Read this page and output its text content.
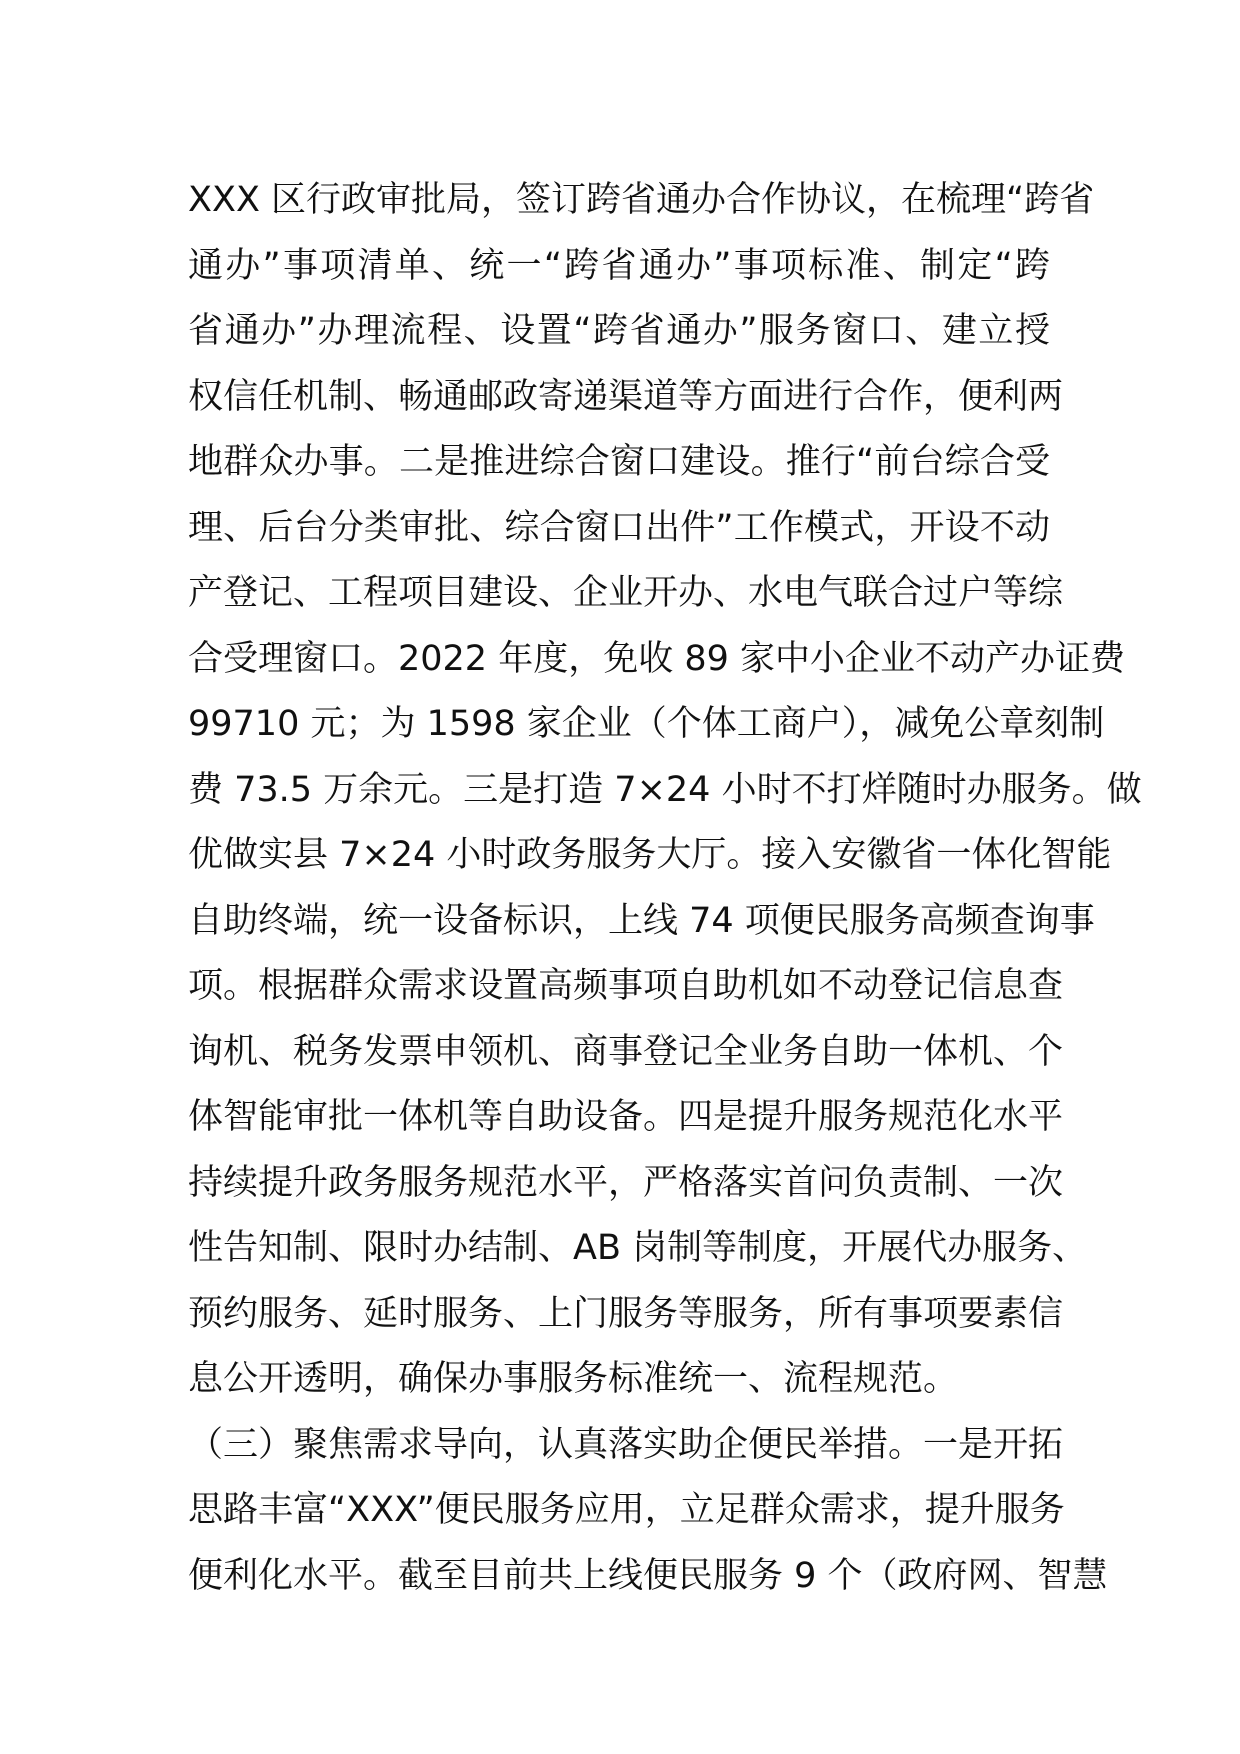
XXX 区行政审批局，签订跨省通办合作协议，在梳理“跨省
通办”事项清单、统一“跨省通办”事项标准、制定“跨
省通办”办理流程、设置“跨省通办”服务窗口、建立授
权信任机制、畅通邮政寄递渠道等方面进行合作，便利两
地群众办事。二是推进综合窗口建设。推行“前台综合受
理、后台分类审批、综合窗口出件”工作模式，开设不动
产登记、工程项目建设、企业开办、水电气联合过户等综
合受理窗口。2022 年度，免收 89 家中小企业不动产办证费
99710 元；为 1598 家企业（个体工商户），减免公章刻制
费 73.5 万余元。三是打造 7×24 小时不打烊随时办服务。做
优做实县 7×24 小时政务服务大厅。接入安徽省一体化智能
自助终端，统一设备标识，上线 74 项便民服务高频查询事
项。根据群众需求设置高频事项自助机如不动登记信息查
询机、税务发票申领机、商事登记全业务自助一体机、个
体智能审批一体机等自助设备。四是提升服务规范化水平
持续提升政务服务规范水平，严格落实首问负责制、一次
性告知制、限时办结制、AB 岗制等制度，开展代办服务、
预约服务、延时服务、上门服务等服务，所有事项要素信
息公开透明，确保办事服务标准统一、流程规范。
（三）聚焦需求导向，认真落实助企便民举措。一是开拓
思路丰富“XXX”便民服务应用，立足群众需求，提升服务
便利化水平。截至目前共上线便民服务 9 个（政府网、智慧
